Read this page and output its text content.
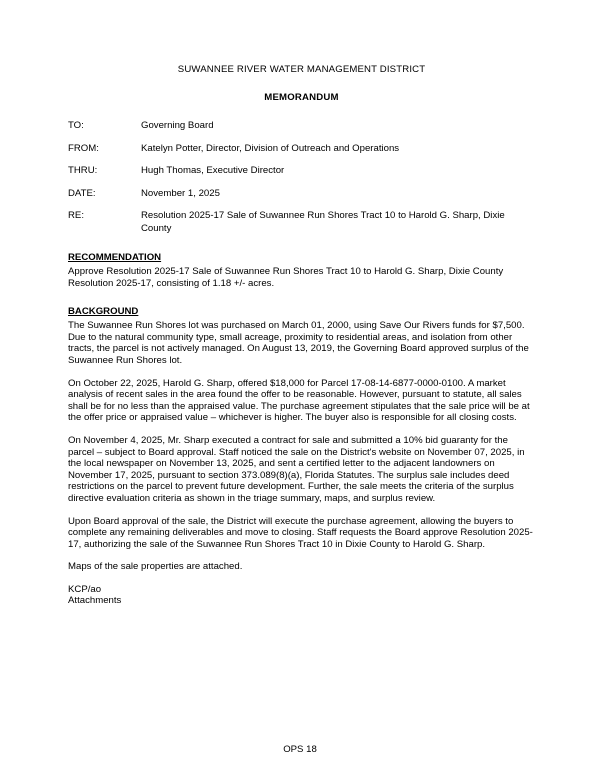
SUWANNEE RIVER WATER MANAGEMENT DISTRICT
MEMORANDUM
TO:	Governing Board
FROM:	Katelyn Potter, Director, Division of Outreach and Operations
THRU:	Hugh Thomas, Executive Director
DATE:	November 1, 2025
RE:	Resolution 2025-17 Sale of Suwannee Run Shores Tract 10 to Harold G. Sharp, Dixie County
RECOMMENDATION

Approve Resolution 2025-17 Sale of Suwannee Run Shores Tract 10 to Harold G. Sharp, Dixie County Resolution 2025-17, consisting of 1.18 +/- acres.

BACKGROUND

The Suwannee Run Shores lot was purchased on March 01, 2000, using Save Our Rivers funds for $7,500. Due to the natural community type, small acreage, proximity to residential areas, and isolation from other tracts, the parcel is not actively managed. On August 13, 2019, the Governing Board approved surplus of the Suwannee Run Shores lot.

On October 22, 2025, Harold G. Sharp, offered $18,000 for Parcel 17-08-14-6877-0000-0100. A market analysis of recent sales in the area found the offer to be reasonable. However, pursuant to statute, all sales shall be for no less than the appraised value. The purchase agreement stipulates that the sale price will be at the offer price or appraised value – whichever is higher. The buyer also is responsible for all closing costs.

On November 4, 2025, Mr. Sharp executed a contract for sale and submitted a 10% bid guaranty for the parcel – subject to Board approval. Staff noticed the sale on the District's website on November 07, 2025, in the local newspaper on November 13, 2025, and sent a certified letter to the adjacent landowners on November 17, 2025, pursuant to section 373.089(8)(a), Florida Statutes. The surplus sale includes deed restrictions on the parcel to prevent future development. Further, the sale meets the criteria of the surplus directive evaluation criteria as shown in the triage summary, maps, and surplus review.

Upon Board approval of the sale, the District will execute the purchase agreement, allowing the buyers to complete any remaining deliverables and move to closing. Staff requests the Board approve Resolution 2025-17, authorizing the sale of the Suwannee Run Shores Tract 10 in Dixie County to Harold G. Sharp.

Maps of the sale properties are attached.

KCP/ao
Attachments
OPS 18
